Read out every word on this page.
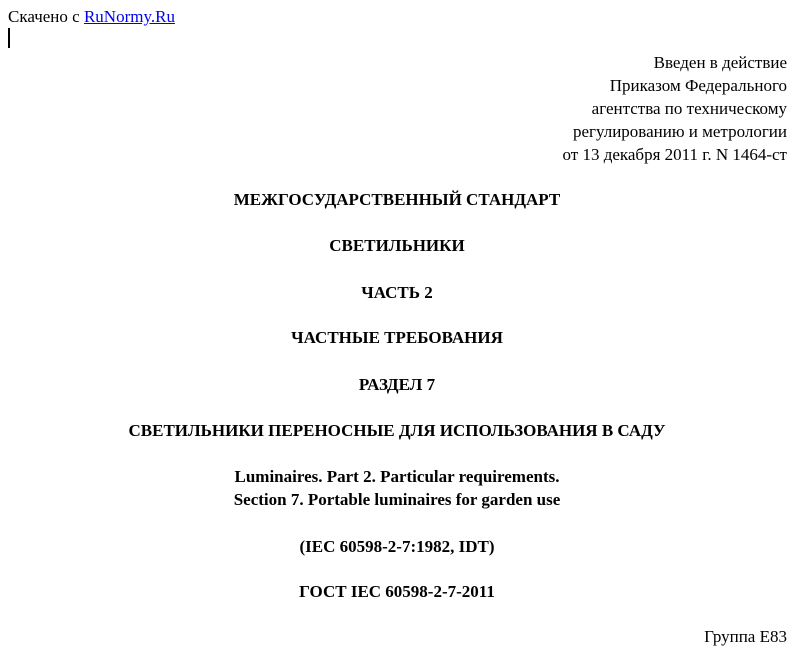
Скачено с RuNormy.Ru
Введен в действие
Приказом Федерального
агентства по техническому
регулированию и метрологии
от 13 декабря 2011 г. N 1464-ст
МЕЖГОСУДАРСТВЕННЫЙ СТАНДАРТ
СВЕТИЛЬНИКИ
ЧАСТЬ 2
ЧАСТНЫЕ ТРЕБОВАНИЯ
РАЗДЕЛ 7
СВЕТИЛЬНИКИ ПЕРЕНОСНЫЕ ДЛЯ ИСПОЛЬЗОВАНИЯ В САДУ
Luminaires. Part 2. Particular requirements.
Section 7. Portable luminaires for garden use
(IEC 60598-2-7:1982, IDT)
ГОСТ IEC 60598-2-7-2011
Группа Е83
